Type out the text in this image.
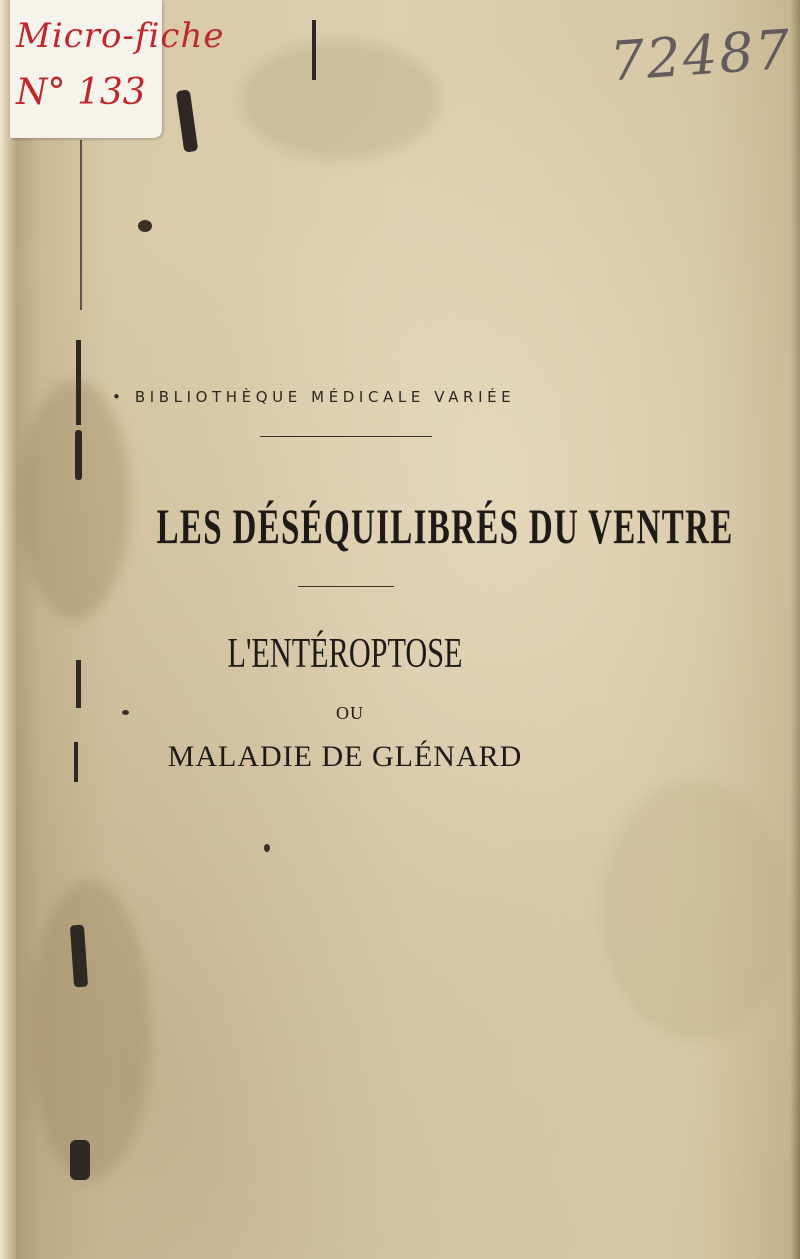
Micro-fiche
N° 133	72487
• BIBLIOTHÈQUE MÉDICALE VARIÉE
LES DÉSÉQUILIBRÉS DU VENTRE
L'ENTÉROPTOSE
OU
MALADIE DE GLÉNARD
